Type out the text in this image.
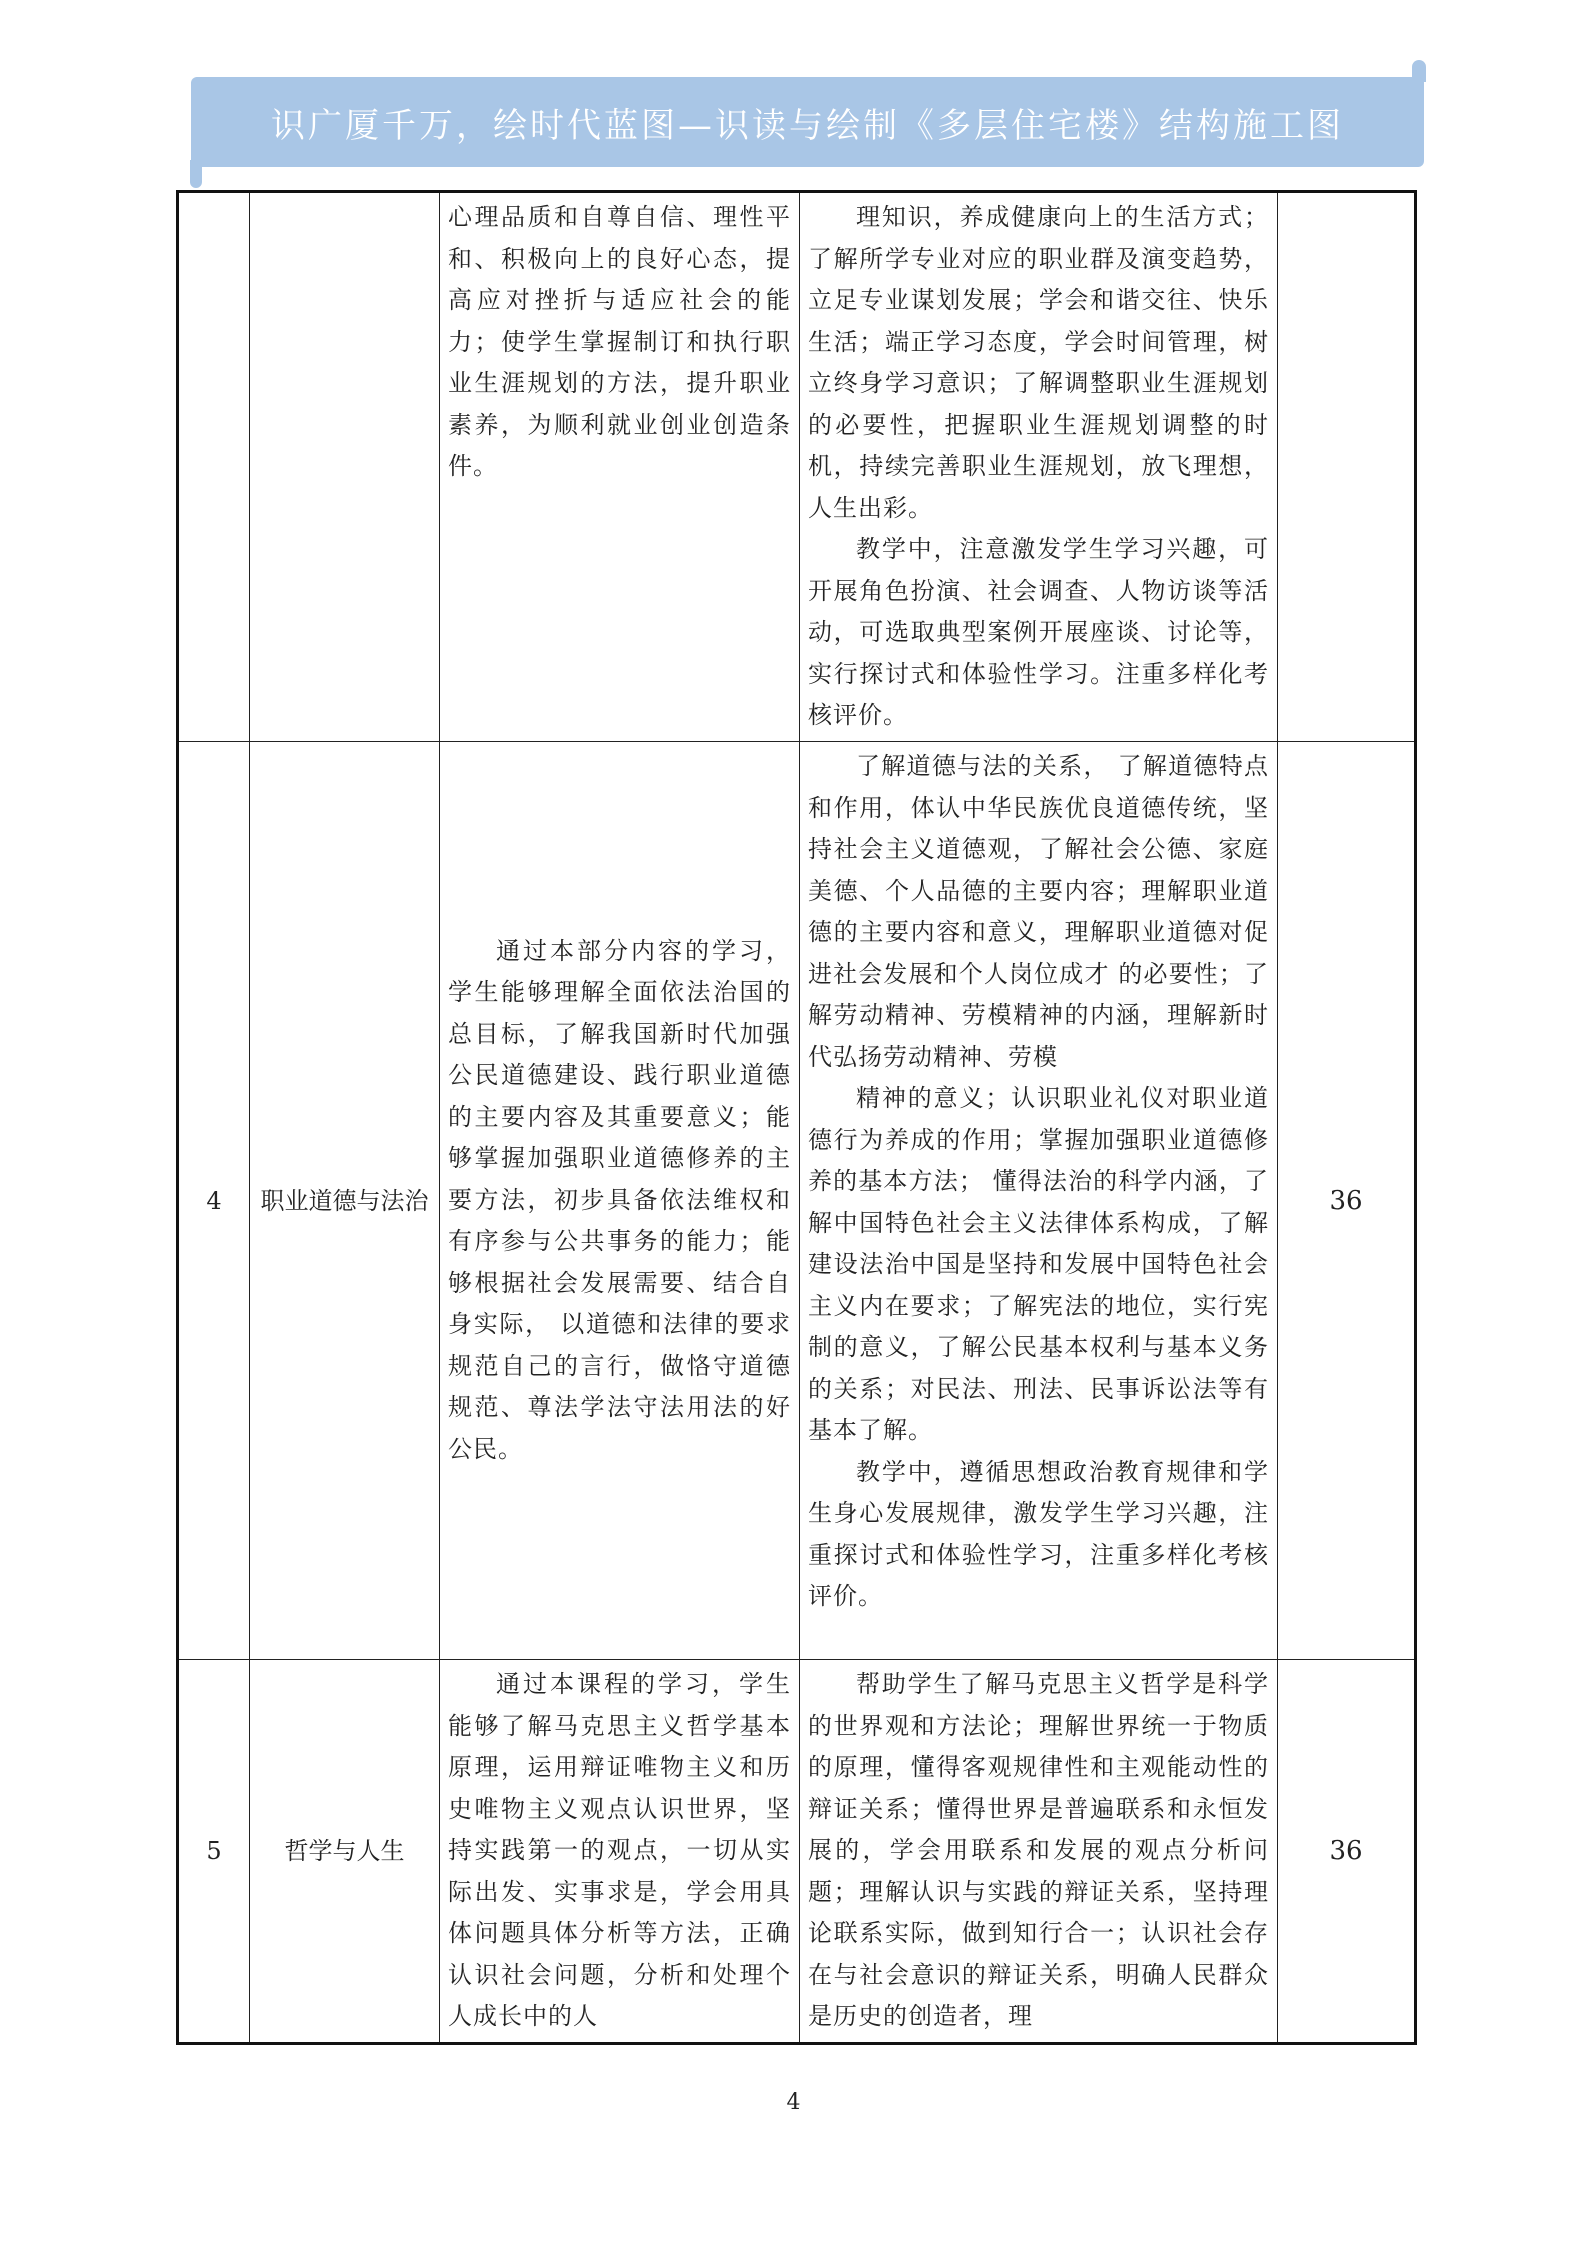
识广厦千万，绘时代蓝图—识读与绘制《多层住宅楼》结构施工图

		心理品质和自尊自信、理性平和、积极向上的良好心态，提高应对挫折与适应社会的能力；使学生掌握制订和执行职业生涯规划的方法，提升职业素养，为顺利就业创业创造条件。	理知识，养成健康向上的生活方式；了解所学专业对应的职业群及演变趋势，立足专业谋划发展；学会和谐交往、快乐生活；端正学习态度，学会时间管理，树立终身学习意识；了解调整职业生涯规划的必要性，把握职业生涯规划调整的时机，持续完善职业生涯规划，放飞理想，人生出彩。

教学中，注意激发学生学习兴趣，可开展角色扮演、社会调查、人物访谈等活动，可选取典型案例开展座谈、讨论等，实行探讨式和体验性学习。注重多样化考核评价。	

4	职业道德与法治	通过本部分内容的学习，学生能够理解全面依法治国的总目标，了解我国新时代加强公民道德建设、践行职业道德的主要内容及其重要意义；能够掌握加强职业道德修养的主要方法，初步具备依法维权和有序参与公共事务的能力；能够根据社会发展需要、结合自身实际， 以道德和法律的要求规范自己的言行，做恪守道德规范、尊法学法守法用法的好公民。	了解道德与法的关系， 了解道德特点和作用，体认中华民族优良道德传统，坚持社会主义道德观，了解社会公德、家庭美德、个人品德的主要内容；理解职业道德的主要内容和意义，理解职业道德对促进社会发展和个人岗位成才 的必要性；了解劳动精神、劳模精神的内涵，理解新时代弘扬劳动精神、劳模

精神的意义；认识职业礼仪对职业道德行为养成的作用；掌握加强职业道德修养的基本方法； 懂得法治的科学内涵，了解中国特色社会主义法律体系构成，了解建设法治中国是坚持和发展中国特色社会主义内在要求；了解宪法的地位，实行宪制的意义，了解公民基本权利与基本义务的关系；对民法、刑法、民事诉讼法等有基本了解。

教学中，遵循思想政治教育规律和学生身心发展规律，激发学生学习兴趣，注重探讨式和体验性学习，注重多样化考核评价。	36
5	哲学与人生	通过本课程的学习，学生能够了解马克思主义哲学基本原理，运用辩证唯物主义和历史唯物主义观点认识世界，坚持实践第一的观点，一切从实际出发、实事求是，学会用具体问题具体分析等方法，正确认识社会问题，分析和处理个人成长中的人	帮助学生了解马克思主义哲学是科学的世界观和方法论；理解世界统一于物质的原理，懂得客观规律性和主观能动性的辩证关系；懂得世界是普遍联系和永恒发展的，学会用联系和发展的观点分析问题；理解认识与实践的辩证关系，坚持理论联系实际，做到知行合一；认识社会存在与社会意识的辩证关系，明确人民群众是历史的创造者，理	36
4
